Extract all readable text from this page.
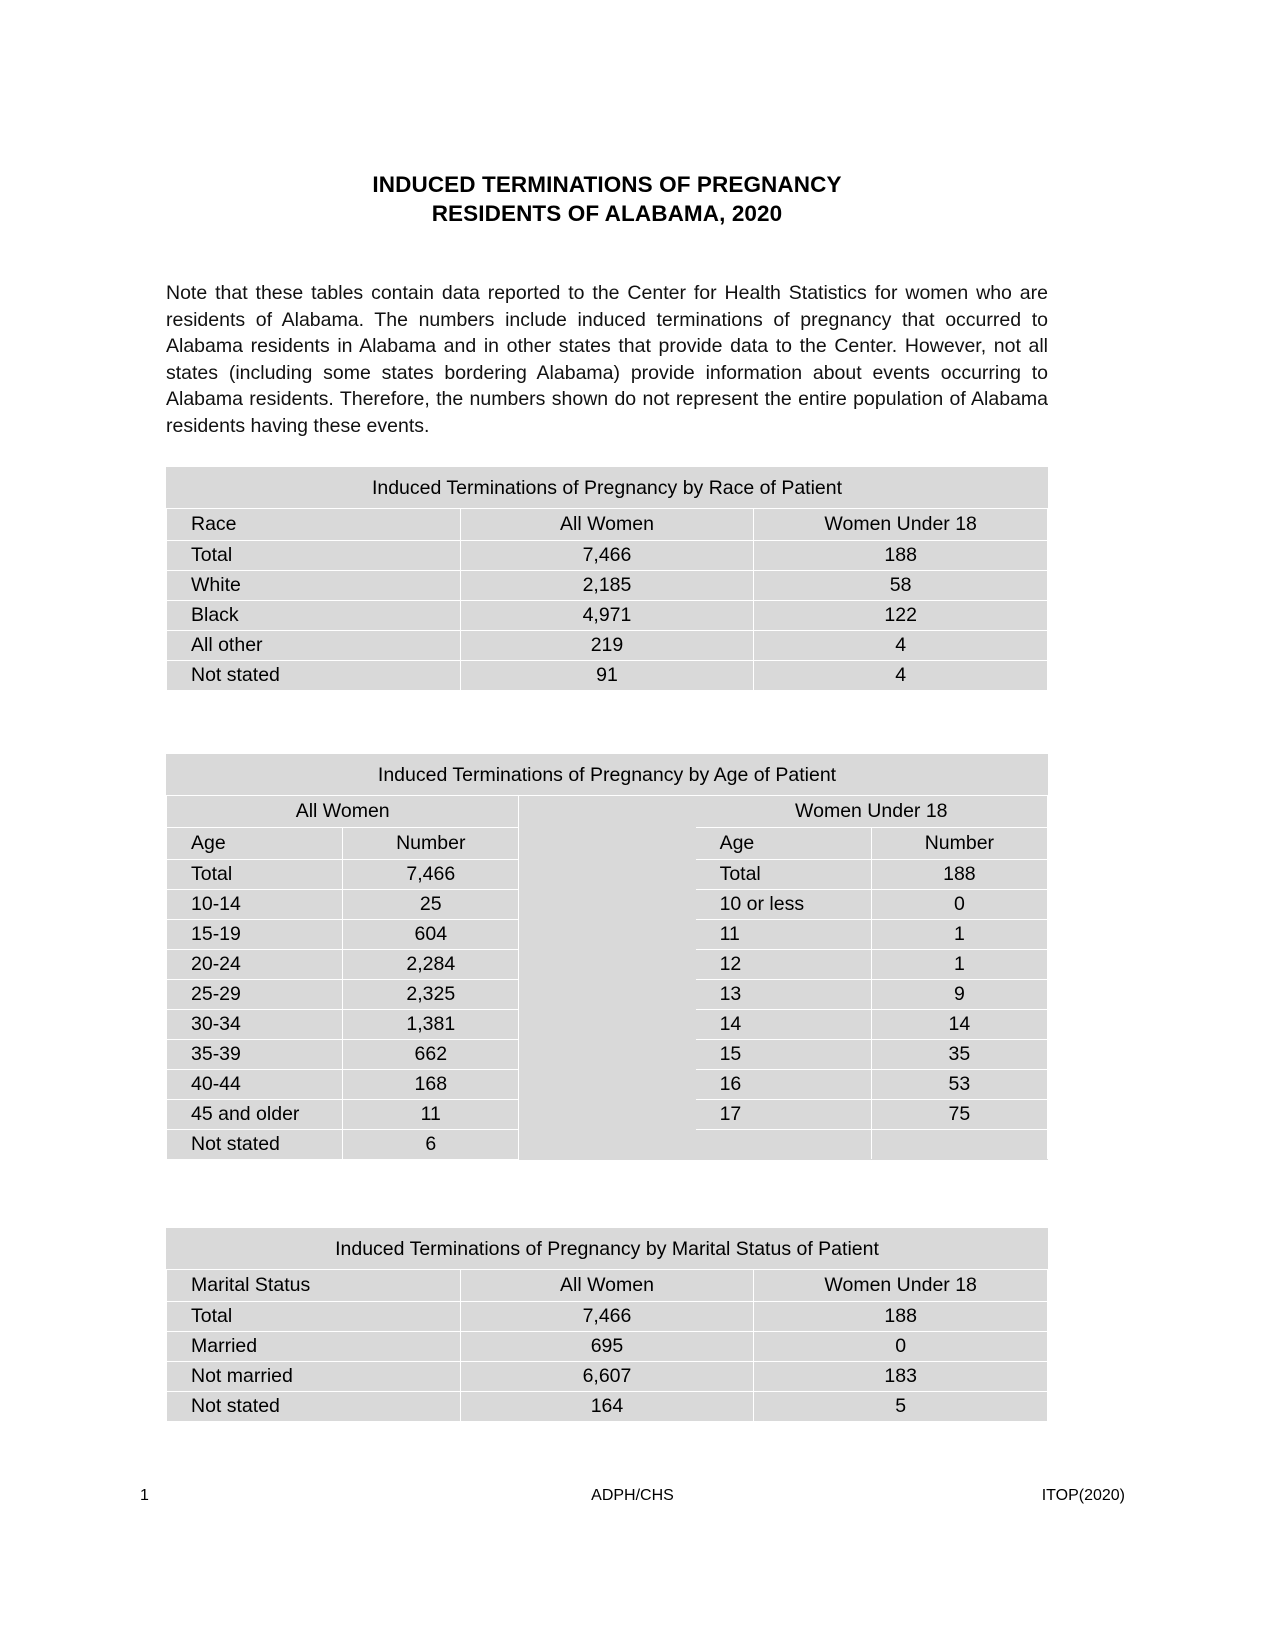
INDUCED TERMINATIONS OF PREGNANCY
RESIDENTS OF ALABAMA, 2020

Note that these tables contain data reported to the Center for Health Statistics for women who are residents of Alabama. The numbers include induced terminations of pregnancy that occurred to Alabama residents in Alabama and in other states that provide data to the Center. However, not all states (including some states bordering Alabama) provide information about events occurring to Alabama residents. Therefore, the numbers shown do not represent the entire population of Alabama residents having these events.

Induced Terminations of Pregnancy by Race of Patient		
Race	All Women	Women Under 18
Total	7,466	188
White	2,185	58
Black	4,971	122
All other	219	4
Not stated	91	4
Induced Terminations of Pregnancy by Age of Patient				
All Women			Women Under 18	
Age	Number		Age	Number
Total	7,466		Total	188
10-14	25		10 or less	0
15-19	604		11	1
20-24	2,284		12	1
25-29	2,325		13	9
30-34	1,381		14	14
35-39	662		15	35
40-44	168		16	53
45 and older	11		17	75
Not stated	6			
Induced Terminations of Pregnancy by Marital Status of Patient		
Marital Status	All Women	Women Under 18
Total	7,466	188
Married	695	0
Not married	6,607	183
Not stated	164	5
1	ADPH/CHS	ITOP(2020)
